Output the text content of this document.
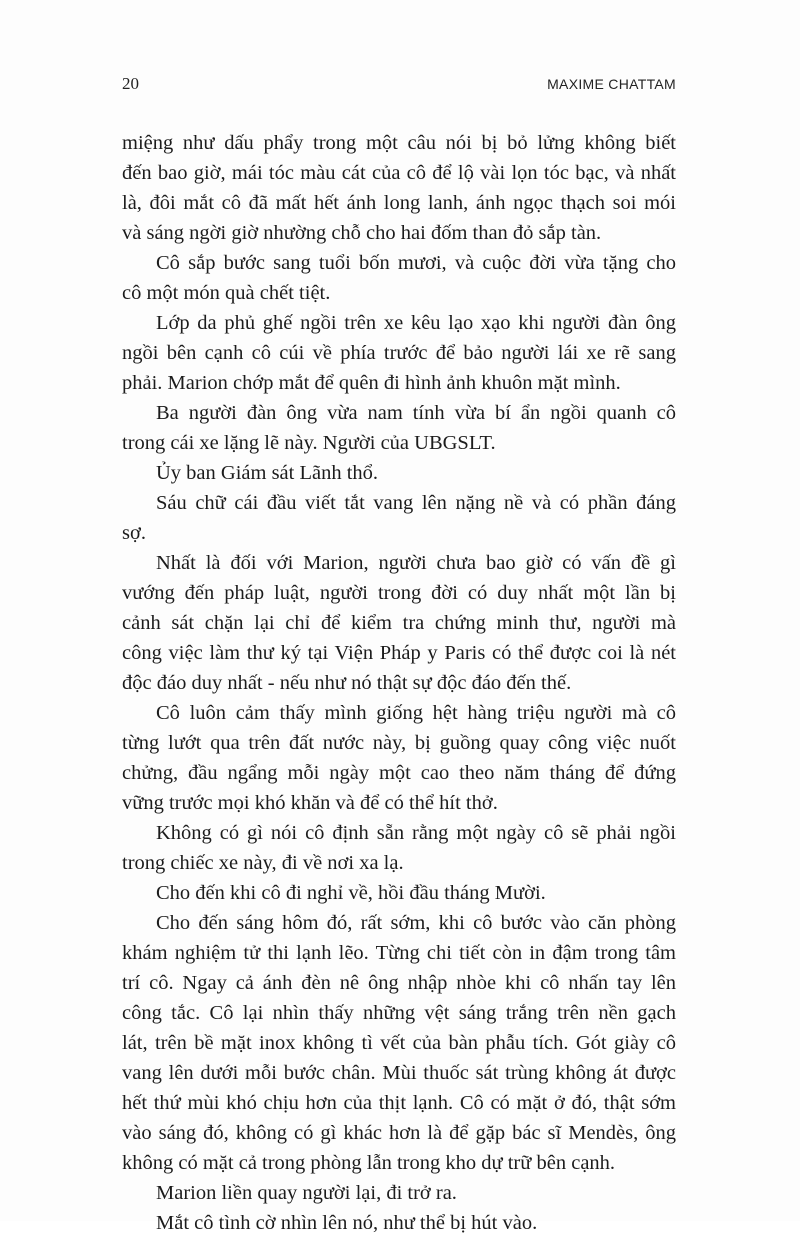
20	MAXIME CHATTAM
miệng như dấu phẩy trong một câu nói bị bỏ lửng không biết
đến bao giờ, mái tóc màu cát của cô để lộ vài lọn tóc bạc, và nhất
là, đôi mắt cô đã mất hết ánh long lanh, ánh ngọc thạch soi mói
và sáng ngời giờ nhường chỗ cho hai đốm than đỏ sắp tàn.
Cô sắp bước sang tuổi bốn mươi, và cuộc đời vừa tặng cho
cô một món quà chết tiệt.
Lớp da phủ ghế ngồi trên xe kêu lạo xạo khi người đàn ông
ngồi bên cạnh cô cúi về phía trước để bảo người lái xe rẽ sang
phải. Marion chớp mắt để quên đi hình ảnh khuôn mặt mình.
Ba người đàn ông vừa nam tính vừa bí ẩn ngồi quanh cô
trong cái xe lặng lẽ này. Người của UBGSLT.
Ủy ban Giám sát Lãnh thổ.
Sáu chữ cái đầu viết tắt vang lên nặng nề và có phần đáng
sợ.
Nhất là đối với Marion, người chưa bao giờ có vấn đề gì
vướng đến pháp luật, người trong đời có duy nhất một lần bị
cảnh sát chặn lại chỉ để kiểm tra chứng minh thư, người mà
công việc làm thư ký tại Viện Pháp y Paris có thể được coi là nét
độc đáo duy nhất - nếu như nó thật sự độc đáo đến thế.
Cô luôn cảm thấy mình giống hệt hàng triệu người mà cô
từng lướt qua trên đất nước này, bị guồng quay công việc nuốt
chửng, đầu ngẩng mỗi ngày một cao theo năm tháng để đứng
vững trước mọi khó khăn và để có thể hít thở.
Không có gì nói cô định sẵn rằng một ngày cô sẽ phải ngồi
trong chiếc xe này, đi về nơi xa lạ.
Cho đến khi cô đi nghỉ về, hồi đầu tháng Mười.
Cho đến sáng hôm đó, rất sớm, khi cô bước vào căn phòng
khám nghiệm tử thi lạnh lẽo. Từng chi tiết còn in đậm trong tâm
trí cô. Ngay cả ánh đèn nê ông nhập nhòe khi cô nhấn tay lên
công tắc. Cô lại nhìn thấy những vệt sáng trắng trên nền gạch
lát, trên bề mặt inox không tì vết của bàn phẫu tích. Gót giày cô
vang lên dưới mỗi bước chân. Mùi thuốc sát trùng không át được
hết thứ mùi khó chịu hơn của thịt lạnh. Cô có mặt ở đó, thật sớm
vào sáng đó, không có gì khác hơn là để gặp bác sĩ Mendès, ông
không có mặt cả trong phòng lẫn trong kho dự trữ bên cạnh.
Marion liền quay người lại, đi trở ra.
Mắt cô tình cờ nhìn lên nó, như thể bị hút vào.
